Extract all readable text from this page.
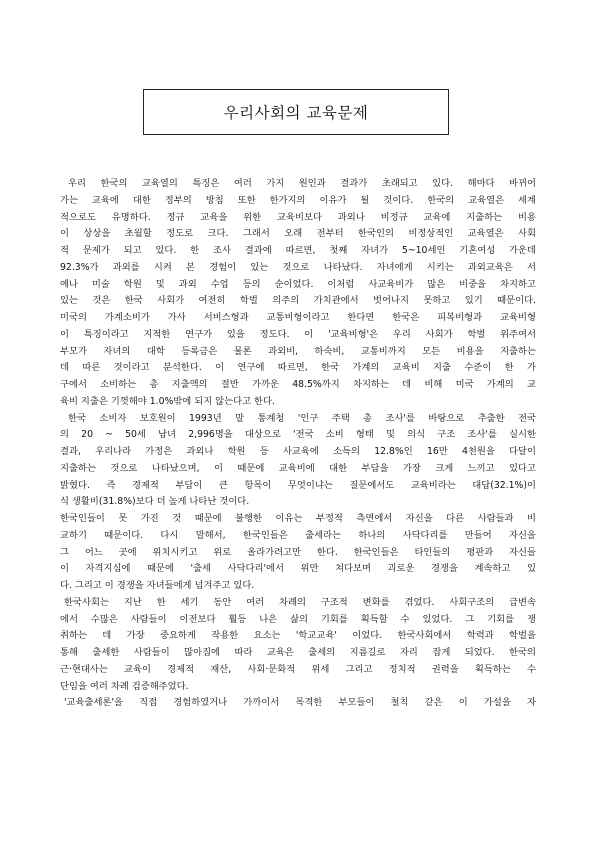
우리사회의 교육문제
우리 한국의 교육열의 특징은 여러 가지 원인과 결과가 초래되고 있다. 해마다 바뀌어
가는 교육에 대한 정부의 방침 또한 한가지의 이유가 될 것이다. 한국의 교육열은 세계
적으로도 유명하다. 정규 교육을 위한 교육비보다 과외나 비정규 교육에 지출하는 비용
이 상상을 초월할 정도로 크다. 그래서 오래 전부터 한국인의 비정상적인 교육열은 사회
적 문제가 되고 있다. 한 조사 결과에 따르면, 첫째 자녀가 5~10세인 기혼여성 가운데
92.3%가 과외를 시켜 본 경험이 있는 것으로 나타났다. 자녀에게 시키는 과외교육은 서
예나 미술 학원 및 과외 수업 등의 순이었다. 이처럼 사교육비가 많은 비중을 차지하고
있는 것은 한국 사회가 여전히 학벌 의주의 가치관에서 벗어나지 못하고 있기 때문이다.
미국의 가계소비가 가사 서비스형과 교통비형이라고 한다면 한국은 피복비형과 교육비형
이 특징이라고 지적한 연구가 있을 정도다. 이 '교육비형'은 우리 사회가 학벌 위주여서
부모가 자녀의 대학 등록금은 물론 과외비, 하숙비, 교통비까지 모든 비용을 지출하는
데 따른 것이라고 분석한다. 이 연구에 따르면, 한국 가계의 교육비 지출 수준이 한 가
구에서 소비하는 총 지출액의 절반 가까운 48.5%까지 차지하는 데 비해 미국 가계의 교
육비 지출은 기껏해야 1.0%밖에 되지 않는다고 한다.
한국 소비자 보호원이 1993년 말 통계청 '인구 주택 총 조사'를 바탕으로 추출한 전국
의 20 ~ 50세 남녀 2,996명을 대상으로 '전국 소비 형태 및 의식 구조 조사'를 실시한
결과, 우리나라 가정은 과외나 학원 등 사교육에 소득의 12.8%인 16만 4천원을 다달이
지출하는 것으로 나타났으며, 이 때문에 교육비에 대한 부담을 가장 크게 느끼고 있다고
밝혔다. 즉 경제적 부담이 큰 항목이 무엇이냐는 질문에서도 교육비라는 대답(32.1%)이
식 생활비(31.8%)보다 더 높게 나타난 것이다.
한국인들이 못 가진 것 때문에 불행한 이유는 부정적 측면에서 자신을 다른 사람들과 비
교하기 때문이다. 다시 말해서, 한국인들은 출세라는 하나의 사닥다리를 만들어 자신을
그 어느 곳에 위치시키고 위로 올라가려고만 한다. 한국인들은 타인들의 평판과 자신들
이 자격지심에 때문에 '출세 사닥다리'에서 위만 쳐다보며 괴로운 경쟁을 계속하고 있
다. 그리고 이 경쟁을 자녀들에게 넘겨주고 있다.
한국사회는 지난 한 세기 동안 여러 차례의 구조적 변화를 겪었다. 사회구조의 급변속
에서 수많은 사람들이 이전보다 훨등 나은 삶의 기회를 획득할 수 있었다. 그 기회를 쟁
취하는 데 가장 중요하게 작용한 요소는 '학교교육' 이었다. 한국사회에서 학력과 학벌을
통해 출세한 사람들이 많아짐에 따라 교육은 출세의 지름길로 자리 잡게 되었다. 한국의
근·현대사는 교육이 경제적 재산, 사회·문화적 위세 그리고 정치적 권력을 획득하는 수
단임을 여러 차례 검증해주었다.
'교육출세론'을 직접 경험하였거나 가까이서 목격한 부모들이 철칙 같은 이 가설을 자
